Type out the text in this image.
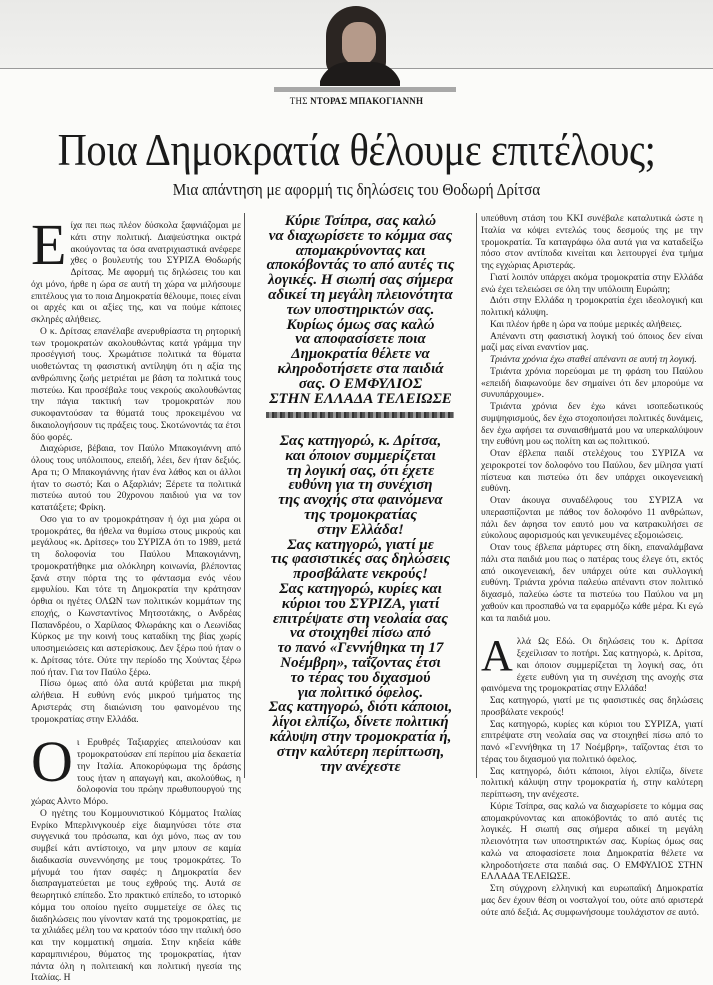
ΤΗΣ ΝΤΟΡΑΣ ΜΠΑΚΟΓΙΑΝΝΗ
Ποια Δημοκρατία θέλουμε επιτέλους;
Μια απάντηση με αφορμή τις δηλώσεις του Θοδωρή Δρίτσα

Είχα πει πως πλέον δύσκολα ξαφνιάζομαι με κάτι στην πολιτική. Διαψεύστηκα οικτρά ακούγοντας τα όσα ανατριχιαστικά ανέφερε χθες ο βουλευτής του ΣΥΡΙΖΑ Θοδωρής Δρίτσας. Με αφορμή τις δηλώσεις του και όχι μόνο, ήρθε η ώρα σε αυτή τη χώρα να μιλήσουμε επιτέλους για το ποια Δημοκρατία θέλουμε, ποιες είναι οι αρχές και οι αξίες της, και να πούμε κάποιες σκληρές αλήθειες.

Ο κ. Δρίτσας επανέλαβε ανερυθρίαστα τη ρητορική των τρομοκρατών ακολουθώντας κατά γράμμα την προσέγγισή τους. Χρωμάτισε πολιτικά τα θύματα υιοθετώντας τη φασιστική αντίληψη ότι η αξία της ανθρώπινης ζωής μετριέται με βάση τα πολιτικά τους πιστεύω. Και προσέβαλε τους νεκρούς ακολουθώντας την πάγια τακτική των τρομοκρατών που συκοφαντούσαν τα θύματά τους προκειμένου να δικαιολογήσουν τις πράξεις τους. Σκοτώνοντάς τα έτσι δύο φορές.

Διαχώρισε, βέβαια, τον Παύλο Μπακογιάννη από όλους τους υπόλοιπους, επειδή, λέει, δεν ήταν δεξιός. Αρα τι; Ο Μπακογιάννης ήταν ένα λάθος και οι άλλοι ήταν το σωστό; Και ο Αξαρλιάν; Ξέρετε τα πολιτικά πιστεύω αυτού του 20χρονου παιδιού για να τον κατατάξετε; Φρίκη.

Οσο για το αν τρομοκράτησαν ή όχι μια χώρα οι τρομοκράτες, θα ήθελα να θυμίσω στους μικρούς και μεγάλους «κ. Δρίτσες» του ΣΥΡΙΖΑ ότι το 1989, μετά τη δολοφονία του Παύλου Μπακογιάννη, τρομοκρατήθηκε μια ολόκληρη κοινωνία, βλέποντας ξανά στην πόρτα της το φάντασμα ενός νέου εμφυλίου. Και τότε τη Δημοκρατία την κράτησαν όρθια οι ηγέτες ΟΛΩΝ των πολιτικών κομμάτων της εποχής, ο Κωνσταντίνος Μητσοτάκης, ο Ανδρέας Παπανδρέου, ο Χαρίλαος Φλωράκης και ο Λεωνίδας Κύρκος με την κοινή τους καταδίκη της βίας χωρίς υποσημειώσεις και αστερίσκους. Δεν ξέρω πού ήταν ο κ. Δρίτσας τότε. Ούτε την περίοδο της Χούντας ξέρω πού ήταν. Για τον Παύλο ξέρω.

Πίσω όμως από όλα αυτά κρύβεται μια πικρή αλήθεια. Η ευθύνη ενός μικρού τμήματος της Αριστεράς στη διαιώνιση του φαινομένου της τρομοκρατίας στην Ελλάδα.

Οι Ερυθρές Ταξιαρχίες απειλούσαν και τρομοκρατούσαν επί περίπου μία δεκαετία την Ιταλία. Αποκορύφωμα της δράσης τους ήταν η απαγωγή και, ακολούθως, η δολοφονία του πρώην πρωθυπουργού της χώρας Αλντο Μόρο.

Ο ηγέτης του Κομμουνιστικού Κόμματος Ιταλίας Ενρίκο Μπερλινγκουέρ είχε διαμηνύσει τότε στα συγγενικά του πρόσωπα, και όχι μόνο, πως αν του συμβεί κάτι αντίστοιχο, να μην μπουν σε καμία διαδικασία συνεννόησης με τους τρομοκράτες. Το μήνυμά του ήταν σαφές: η Δημοκρατία δεν διαπραγματεύεται με τους εχθρούς της. Αυτά σε θεωρητικό επίπεδο. Στο πρακτικό επίπεδο, το ιστορικό κόμμα του οποίου ηγείτο συμμετείχε σε όλες τις διαδηλώσεις που γίνονταν κατά της τρομοκρατίας, με τα χιλιάδες μέλη του να κρατούν τόσο την ιταλική όσο και την κομματική σημαία. Στην κηδεία κάθε καραμπινιέρου, θύματος της τρομοκρατίας, ήταν πάντα όλη η πολιτειακή και πολιτική ηγεσία της Ιταλίας. Η

Κύριε Τσίπρα, σας καλώ
να διαχωρίσετε το κόμμα σας
απομακρύνοντας και
αποκόβοντάς το από αυτές τις
λογικές. Η σιωπή σας σήμερα
αδικεί τη μεγάλη πλειονότητα
των υποστηρικτών σας.
Κυρίως όμως σας καλώ
να αποφασίσετε ποια
Δημοκρατία θέλετε να
κληροδοτήσετε στα παιδιά
σας. Ο ΕΜΦΥΛΙΟΣ
ΣΤΗΝ ΕΛΛΑΔΑ ΤΕΛΕΙΩΣΕ
Σας κατηγορώ, κ. Δρίτσα,
και όποιον συμμερίζεται
τη λογική σας, ότι έχετε
ευθύνη για τη συνέχιση
της ανοχής στα φαινόμενα
της τρομοκρατίας
στην Ελλάδα!
Σας κατηγορώ, γιατί με
τις φασιστικές σας δηλώσεις
προσβάλατε νεκρούς!
Σας κατηγορώ, κυρίες και
κύριοι του ΣΥΡΙΖΑ, γιατί
επιτρέψατε στη νεολαία σας
να στοιχηθεί πίσω από
το πανό «Γεννήθηκα τη 17
Νοέμβρη», ταΐζοντας έτσι
το τέρας του διχασμού
για πολιτικό όφελος.
Σας κατηγορώ, διότι κάποιοι,
λίγοι ελπίζω, δίνετε πολιτική
κάλυψη στην τρομοκρατία ή,
στην καλύτερη περίπτωση,
την ανέχεστε

υπεύθυνη στάση του ΚΚΙ συνέβαλε καταλυτικά ώστε η Ιταλία να κόψει εντελώς τους δεσμούς της με την τρομοκρατία. Τα καταγράφω όλα αυτά για να καταδείξω πόσο στον αντίποδα κινείται και λειτουργεί ένα τμήμα της εγχώριας Αριστεράς.

Γιατί λοιπόν υπάρχει ακόμα τρομοκρατία στην Ελλάδα ενώ έχει τελειώσει σε όλη την υπόλοιπη Ευρώπη;

Διότι στην Ελλάδα η τρομοκρατία έχει ιδεολογική και πολιτική κάλυψη.

Και πλέον ήρθε η ώρα να πούμε μερικές αλήθειες.

Απέναντι στη φασιστική λογική τού όποιος δεν είναι μαζί μας είναι εναντίον μας.

Τριάντα χρόνια έχω σταθεί απέναντι σε αυτή τη λογική.

Τριάντα χρόνια πορεύομαι με τη φράση του Παύλου «επειδή διαφωνούμε δεν σημαίνει ότι δεν μπορούμε να συνυπάρχουμε».

Τριάντα χρόνια δεν έχω κάνει ισοπεδωτικούς συμψηφισμούς, δεν έχω στοχοποιήσει πολιτικές δυνάμεις, δεν έχω αφήσει τα συναισθήματά μου να υπερκαλύψουν την ευθύνη μου ως πολίτη και ως πολιτικού.

Οταν έβλεπα παιδί στελέχους του ΣΥΡΙΖΑ να χειροκροτεί τον δολοφόνο του Παύλου, δεν μίλησα γιατί πίστευα και πιστεύω ότι δεν υπάρχει οικογενειακή ευθύνη.

Οταν άκουγα συναδέλφους του ΣΥΡΙΖΑ να υπερασπίζονται με πάθος τον δολοφόνο 11 ανθρώπων, πάλι δεν άφησα τον εαυτό μου να κατρακυλήσει σε εύκολους αφορισμούς και γενικευμένες εξομοιώσεις.

Οταν τους έβλεπα μάρτυρες στη δίκη, επαναλάμβανα πάλι στα παιδιά μου πως ο πατέρας τους έλεγε ότι, εκτός από οικογενειακή, δεν υπάρχει ούτε και συλλογική ευθύνη. Τριάντα χρόνια παλεύω απέναντι στον πολιτικό διχασμό, παλεύω ώστε τα πιστεύω του Παύλου να μη χαθούν και προσπαθώ να τα εφαρμόζω κάθε μέρα. Κι εγώ και τα παιδιά μου.

Αλλά Ως Εδώ. Οι δηλώσεις του κ. Δρίτσα ξεχείλισαν το ποτήρι. Σας κατηγορώ, κ. Δρίτσα, και όποιον συμμερίζεται τη λογική σας, ότι έχετε ευθύνη για τη συνέχιση της ανοχής στα φαινόμενα της τρομοκρατίας στην Ελλάδα!

Σας κατηγορώ, γιατί με τις φασιστικές σας δηλώσεις προσβάλατε νεκρούς!

Σας κατηγορώ, κυρίες και κύριοι του ΣΥΡΙΖΑ, γιατί επιτρέψατε στη νεολαία σας να στοιχηθεί πίσω από το πανό «Γεννήθηκα τη 17 Νοέμβρη», ταΐζοντας έτσι το τέρας του διχασμού για πολιτικό όφελος.

Σας κατηγορώ, διότι κάποιοι, λίγοι ελπίζω, δίνετε πολιτική κάλυψη στην τρομοκρατία ή, στην καλύτερη περίπτωση, την ανέχεστε.

Κύριε Τσίπρα, σας καλώ να διαχωρίσετε το κόμμα σας απομακρύνοντας και αποκόβοντάς το από αυτές τις λογικές. Η σιωπή σας σήμερα αδικεί τη μεγάλη πλειονότητα των υποστηρικτών σας. Κυρίως όμως σας καλώ να αποφασίσετε ποια Δημοκρατία θέλετε να κληροδοτήσετε στα παιδιά σας. Ο ΕΜΦΥΛΙΟΣ ΣΤΗΝ ΕΛΛΑΔΑ ΤΕΛΕΙΩΣΕ.

Στη σύγχρονη ελληνική και ευρωπαϊκή Δημοκρατία μας δεν έχουν θέση οι νοσταλγοί του, ούτε από αριστερά ούτε από δεξιά. Ας συμφωνήσουμε τουλάχιστον σε αυτό.
